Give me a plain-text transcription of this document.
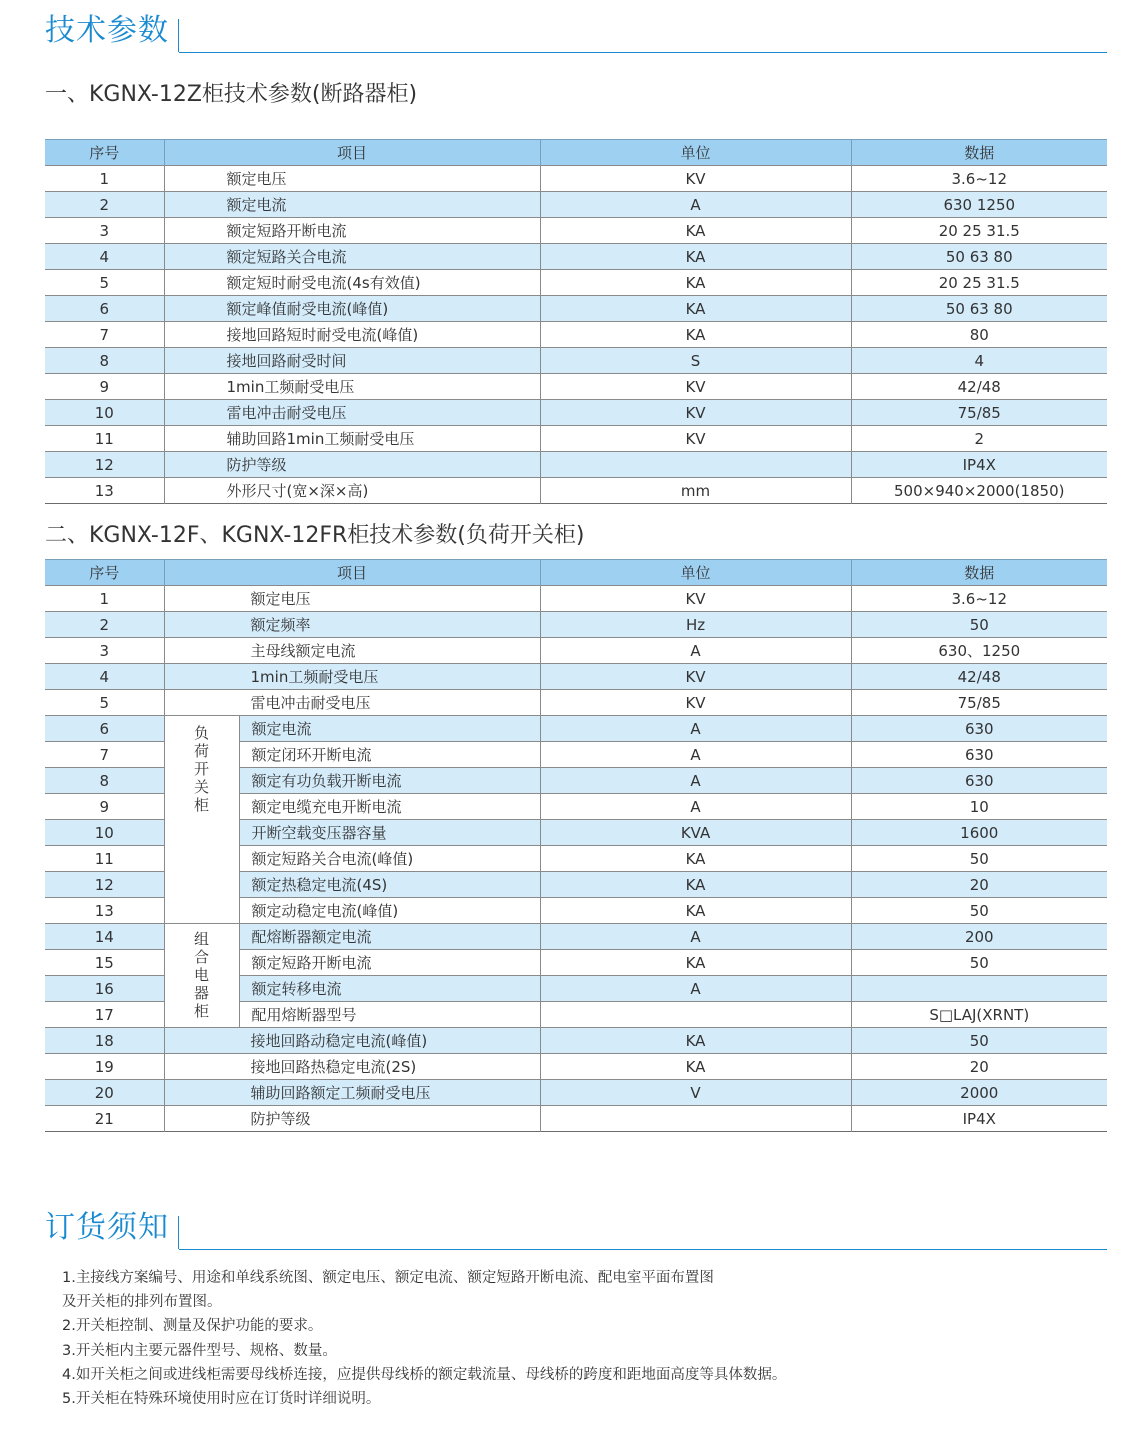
技术参数
一、KGNX-12Z柜技术参数(断路器柜)
序号	项目	单位	数据
1	额定电压	KV	3.6~12
2	额定电流	A	630 1250
3	额定短路开断电流	KA	20 25 31.5
4	额定短路关合电流	KA	50 63 80
5	额定短时耐受电流(4s有效值)	KA	20 25 31.5
6	额定峰值耐受电流(峰值)	KA	50 63 80
7	接地回路短时耐受电流(峰值)	KA	80
8	接地回路耐受时间	S	4
9	1min工频耐受电压	KV	42/48
10	雷电冲击耐受电压	KV	75/85
11	辅助回路1min工频耐受电压	KV	2
12	防护等级		IP4X
13	外形尺寸(宽×深×高)	mm	500×940×2000(1850)
二、KGNX-12F、KGNX-12FR柜技术参数(负荷开关柜)
序号	项目		单位	数据
1	额定电压		KV	3.6~12
2	额定频率		Hz	50
3	主母线额定电流		A	630、1250
4	1min工频耐受电压		KV	42/48
5	雷电冲击耐受电压		KV	75/85
6	负荷开关柜	额定电流	A	630
7		额定闭环开断电流	A	630
8		额定有功负载开断电流	A	630
9		额定电缆充电开断电流	A	10
10		开断空载变压器容量	KVA	1600
11		额定短路关合电流(峰值)	KA	50
12		额定热稳定电流(4S)	KA	20
13		额定动稳定电流(峰值)	KA	50
14	组合电器柜	配熔断器额定电流	A	200
15		额定短路开断电流	KA	50
16		额定转移电流	A	
17		配用熔断器型号		S□LAJ(XRNT)
18	接地回路动稳定电流(峰值)		KA	50
19	接地回路热稳定电流(2S)		KA	20
20	辅助回路额定工频耐受电压		V	2000
21	防护等级			IP4X
订货须知

1.主接线方案编号、用途和单线系统图、额定电压、额定电流、额定短路开断电流、配电室平面布置图

及开关柜的排列布置图。

2.开关柜控制、测量及保护功能的要求。

3.开关柜内主要元器件型号、规格、数量。

4.如开关柜之间或进线柜需要母线桥连接，应提供母线桥的额定载流量、母线桥的跨度和距地面高度等具体数据。

5.开关柜在特殊环境使用时应在订货时详细说明。
